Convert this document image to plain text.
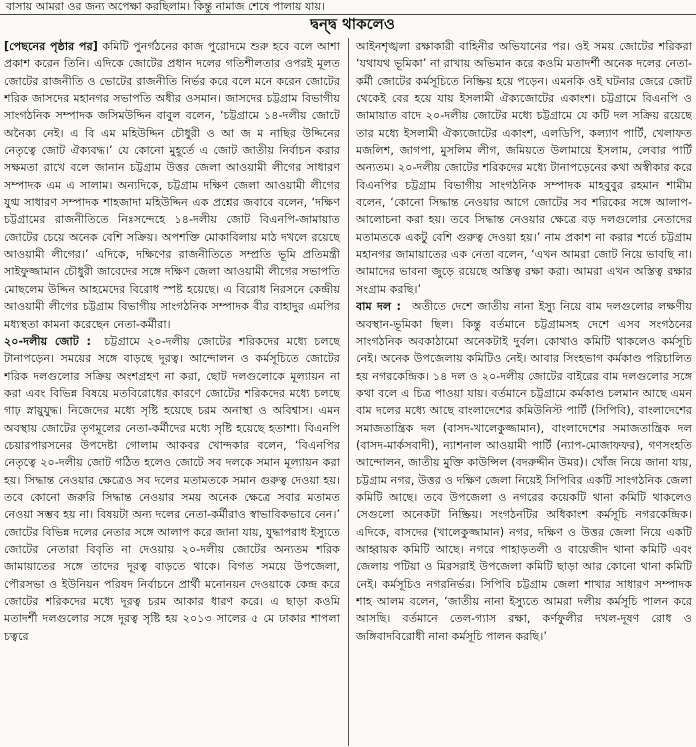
বাসায় আমরা ওর জন্য অপেক্ষা করছিলাম। কিন্তু নামাজ শেষে পালায় যায়।
দ্বন্দ্ব থাকলেও

[ পেছনের পৃষ্ঠার পর ] কমিটি পুনর্গঠনের কাজ পুরোদমে শুরু হবে বলে আশা প্রকাশ করেন তিনি। এদিকে জোটের প্রধান দলের গতিশীলতার ওপরই মূলত জোটের রাজনীতি ও ভোটের রাজনীতি নির্ভর করে বলে মনে করেন জোটের শরিক জাসদের মহানগর সভাপতি অধীর ওসমান। জাসদের চট্টগ্রাম বিভাগীয় সাংগঠনিক সম্পাদক জসিমউদ্দিন বাবুল বলেন, ‘চট্টগ্রামে ১৪-দলীয় জোটে অনৈক্য নেই। এ বি এম মহিউদ্দিন চৌধুরী ও আ জ ম নাছির উদ্দিনের নেতৃত্বে জোট ঐক্যবদ্ধ।’ যে কোনো মুহূর্তে এ জোট জাতীয় নির্বাচন করার সক্ষমতা রাখে বলে জানান চট্টগ্রাম উত্তর জেলা আওয়ামী লীগের সাধারণ সম্পাদক এম এ সালাম। অন্যদিকে, চট্টগ্রাম দক্ষিণ জেলা আওয়ামী লীগের যুগ্ম সাধারণ সম্পাদক শাহজাদা মহিউদ্দিন এক প্রশ্নের জবাবে বলেন, ‘দক্ষিণ চট্টগ্রামের রাজনীতিতে নিঃসন্দেহে ১৪-দলীয় জোট বিএনপি-জামায়াত জোটের চেয়ে অনেক বেশি সক্রিয়। অপশক্তি মোকাবিলায় মাঠ দখলে রয়েছে আওয়ামী লীগের।’ এদিকে, দক্ষিণের রাজনীতিতে সম্প্রতি ভূমি প্রতিমন্ত্রী সাইফুজ্জামান চৌধুরী জাবেদের সঙ্গে দক্ষিণ জেলা আওয়ামী লীগের সভাপতি মোছলেম উদ্দিন আহমেদের বিরোধ স্পষ্ট হয়েছে। এ বিরোধ নিরসনে কেন্দ্রীয় আওয়ামী লীগের চট্টগ্রাম বিভাগীয় সাংগঠনিক সম্পাদক বীর বাহাদুর এমপির মধ্যস্থতা কামনা করেছেন নেতা-কর্মীরা।

২০-দলীয় জোট : চট্টগ্রামে ২০-দলীয় জোটের শরিকদের মধ্যে চলছে টানাপড়েন। সময়ের সঙ্গে বাড়ছে দূরত্ব। আন্দোলন ও কর্মসূচিতে জোটের শরিক দলগুলোর সক্রিয় অংশগ্রহণ না করা, ছোট দলগুলোকে মূল্যায়ন না করা এবং বিভিন্ন বিষয়ে মতবিরোধের কারণে জোটের শরিকদের মধ্যে চলছে গাঢ় স্নায়ুযুদ্ধ। নিজেদের মধ্যে সৃষ্টি হয়েছে চরম অনাস্থা ও অবিশ্বাস। এমন অবস্থায় জোটের তৃণমূলের নেতা-কর্মীদের মধ্যে সৃষ্টি হয়েছে হতাশা। বিএনপি চেয়ারপারসনের উপদেষ্টা গোলাম আকবর খোন্দকার বলেন, ‘বিএনপির নেতৃত্বে ২০-দলীয় জোট গঠিত হলেও জোটে সব দলকে সমান মূল্যায়ন করা হয়। সিদ্ধান্ত নেওয়ার ক্ষেত্রেও সব দলের মতামতকে সমান গুরুত্ব দেওয়া হয়। তবে কোনো জরুরি সিদ্ধান্ত নেওয়ার সময় অনেক ক্ষেত্রে সবার মতামত নেওয়া সম্ভব হয় না। বিষয়টা অন্য দলের নেতা-কর্মীরাও স্বাভাবিকভাবে নেন।’ জোটের বিভিন্ন দলের নেতার সঙ্গে আলাপ করে জানা যায়, যুদ্ধাপরাধ ইস্যুতে জোটের নেতারা বিবৃতি না দেওয়ায় ২০-দলীয় জোটের অন্যতম শরিক জামায়াতের সঙ্গে তাদের দূরত্ব বাড়তে থাকে। বিগত সময়ে উপজেলা, পৌরসভা ও ইউনিয়ন পরিষদ নির্বাচনে প্রার্থী মনোনয়ন দেওয়াকে কেন্দ্র করে জোটের শরিকদের মধ্যে দূরত্ব চরম আকার ধারণ করে। এ ছাড়া কওমি মতাদর্শী দলগুলোর সঙ্গে দূরত্ব সৃষ্টি হয় ২০১৩ সালের ৫ মে ঢাকার শাপলা চত্বরে

আইনশৃঙ্খলা রক্ষাকারী বাহিনীর অভিযানের পর। ওই সময় জোটের শরিকরা ‘যথাযথ ভূমিকা’ না রাখায় অভিমান করে কওমি মতাদর্শী অনেক দলের নেতা-কর্মী জোটের কর্মসূচিতে নিষ্ক্রিয় হয়ে পড়েন। এমনকি ওই ঘটনার জেরে জোট থেকেই বের হয়ে যায় ইসলামী ঐক্যজোটের একাংশ। চট্টগ্রামে বিএনপি ও জামায়াত বাদে ২০-দলীয় জোটের মধ্যে চট্টগ্রামে যে কটি দল সক্রিয় রয়েছে তার মধ্যে ইসলামী ঐক্যজোটের একাংশ, এলডিপি, কল্যাণ পার্টি, খেলাফত মজলিশ, জাগপা, মুসলিম লীগ, জমিয়তে উলামায়ে ইসলাম, লেবার পার্টি অন্যতম। ২০-দলীয় জোটের শরিকদের মধ্যে টানাপড়েনের কথা অস্বীকার করে বিএনপির চট্টগ্রাম বিভাগীয় সাংগঠনিক সম্পাদক মাহবুবুর রহমান শামীম বলেন, ‘কোনো সিদ্ধান্ত নেওয়ার আগে জোটের সব শরিকের সঙ্গে আলাপ-আলোচনা করা হয়। তবে সিদ্ধান্ত নেওয়ার ক্ষেত্রে বড় দলগুলোর নেতাদের মতামতকে একটু বেশি গুরুত্ব দেওয়া হয়।’ নাম প্রকাশ না করার শর্তে চট্টগ্রাম মহানগর জামায়াতের এক নেতা বলেন, ‘এখন আমরা জোট নিয়ে ভাবছি না। আমাদের ভাবনা জুড়ে রয়েছে অস্তিত্ব রক্ষা করা। আমরা এখন অস্তিত্ব রক্ষার সংগ্রাম করছি।’

বাম দল : অতীতে দেশে জাতীয় নানা ইস্যু নিয়ে বাম দলগুলোর লক্ষণীয় অবস্থান-ভূমিকা ছিল। কিন্তু বর্তমানে চট্টগ্রামসহ দেশে এসব সংগঠনের সাংগঠনিক অবকাঠামো অনেকটাই দুর্বল। কোথাও কমিটি থাকলেও কর্মসূচি নেই। অনেক উপজেলায় কমিটিও নেই। আবার সিংহভাগ কর্মকাণ্ড পরিচালিত হয় নগরকেন্দ্রিক। ১৪ দল ও ২০-দলীয় জোটের বাইরের বাম দলগুলোর সঙ্গে কথা বলে এ চিত্র পাওয়া যায়। বর্তমানে চট্টগ্রামে কর্মকাণ্ড চলমান আছে এমন বাম দলের মধ্যে আছে বাংলাদেশের কমিউনিস্ট পার্টি (সিপিবি), বাংলাদেশের সমাজতান্ত্রিক দল (বাসদ-খালেকুজ্জামান), বাংলাদেশের সমাজতান্ত্রিক দল (বাসদ-মার্কসবাদী), ন্যাশনাল আওয়ামী পার্টি (ন্যাপ-মোজাফফর), গণসংহতি আন্দোলন, জাতীয় মুক্তি কাউন্সিল (বদরুদ্দীন উমর)। খোঁজ নিয়ে জানা যায়, চট্টগ্রাম নগর, উত্তর ও দক্ষিণ জেলা নিয়েই সিপিবির একটি সাংগঠনিক জেলা কমিটি আছে। তবে উপজেলা ও নগরের কয়েকটি থানা কমিটি থাকলেও সেগুলো অনেকটা নিষ্ক্রিয়। সংগঠনটির অধিকাংশ কর্মসূচি নগরকেন্দ্রিক। এদিকে, বাসদের (খালেকুজ্জামান) নগর, দক্ষিণ ও উত্তর জেলা নিয়ে একটি আহ্বায়ক কমিটি আছে। নগরে পাহাড়তলী ও বায়েজীদ থানা কমিটি এবং জেলায় পটিয়া ও মিরসরাই উপজেলা কমিটি ছাড়া আর কোনো থানা কমিটি নেই। কর্মসূচিও নগরনির্ভর। সিপিবি চট্টগ্রাম জেলা শাখার সাধারণ সম্পাদক শাহ আলম বলেন, ‘জাতীয় নানা ইস্যুতে আমরা দলীয় কর্মসূচি পালন করে আসছি। বর্তমানে তেল-গ্যাস রক্ষা, কর্ণফুলীর দখল-দূষণ রোধ ও জঙ্গিবাদবিরোধী নানা কর্মসূচি পালন করছি।’
